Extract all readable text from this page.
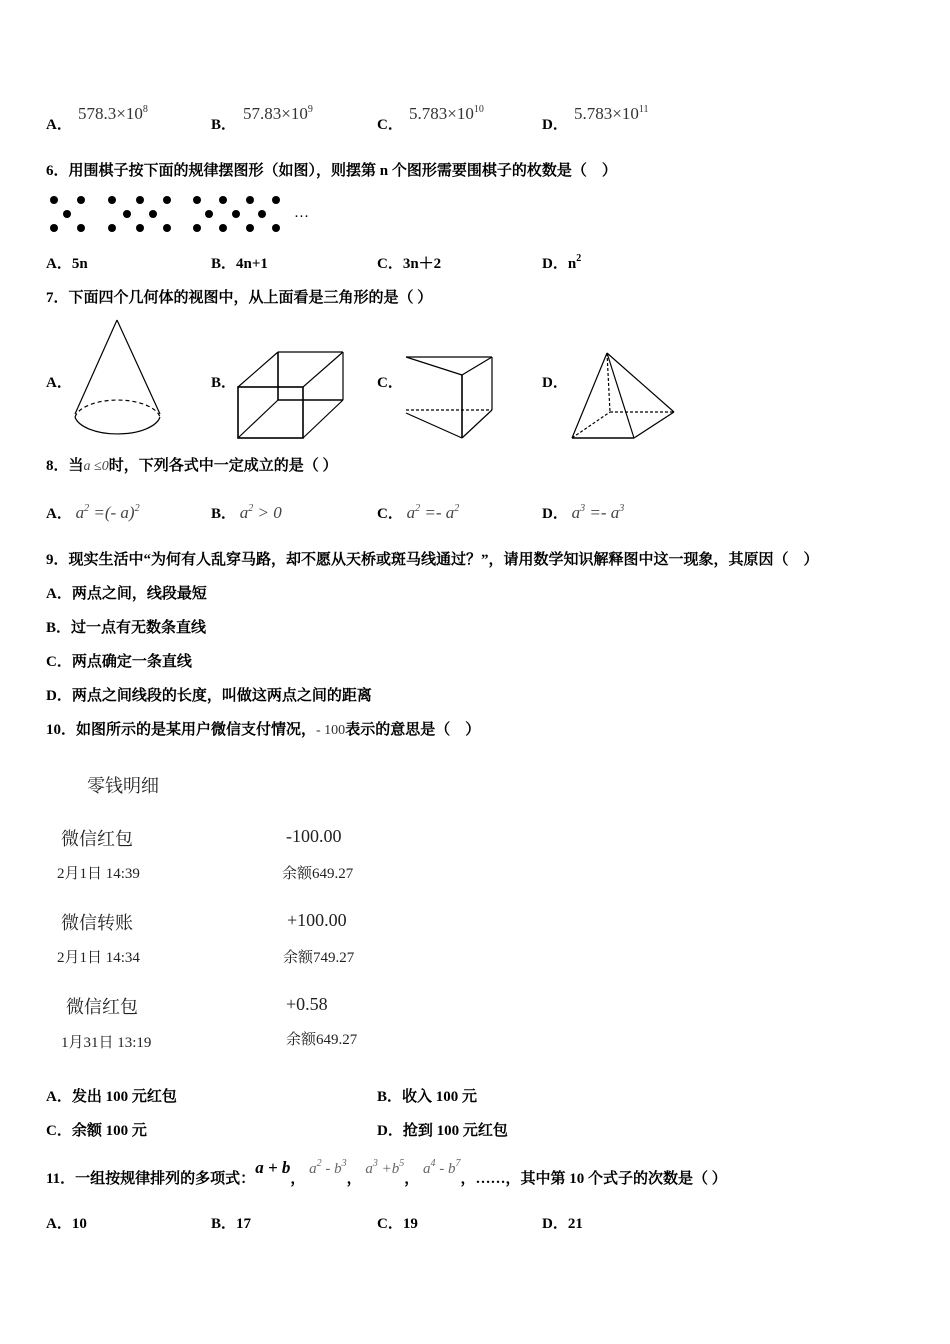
A．
$578.3\times 10^8$
B．
$57.83\times 10^9$
C．
$5.783\times 10^{10}$
D．
$5.783\times 10^{11}$
6．用围棋子按下面的规律摆图形（如图），则摆第 n 个图形需要围棋子的枚数是（　）
…
A．5n	B．4n+1	C．3n＋2	D．$n^2$
7．下面四个几何体的视图中，从上面看是三角形的是（ ）
A．	B．	C．	D．
8．当a ≤0时，下列各式中一定成立的是（ ）
A． $a^2$ =(- a)$^2$	B． $a^2 > 0$	C． $a^2 =- a^2$	D． $a^3 =- a^3$
9．现实生活中“为何有人乱穿马路，却不愿从天桥或斑马线通过？”，请用数学知识解释图中这一现象，其原因（　）
A．两点之间，线段最短
B．过一点有无数条直线
C．两点确定一条直线
D．两点之间线段的长度，叫做这两点之间的距离
10．如图所示的是某用户微信支付情况，- 100表示的意思是（　）
零钱明细
微信红包	-100.00
2月1日 14:39	余额649.27
微信转账	+100.00
2月1日 14:34	余额749.27
微信红包	+0.58
1月31日 13:19	余额649.27
A．发出 100 元红包	B．收入 100 元
C．余额 100 元	D．抢到 100 元红包
11．一组按规律排列的多项式：a + b， $a^2 - b^3$， $a^3 +b^5$， $a^4 - b^7$，……，其中第 10 个式子的次数是（ ）
A．10	B．17	C．19	D．21
